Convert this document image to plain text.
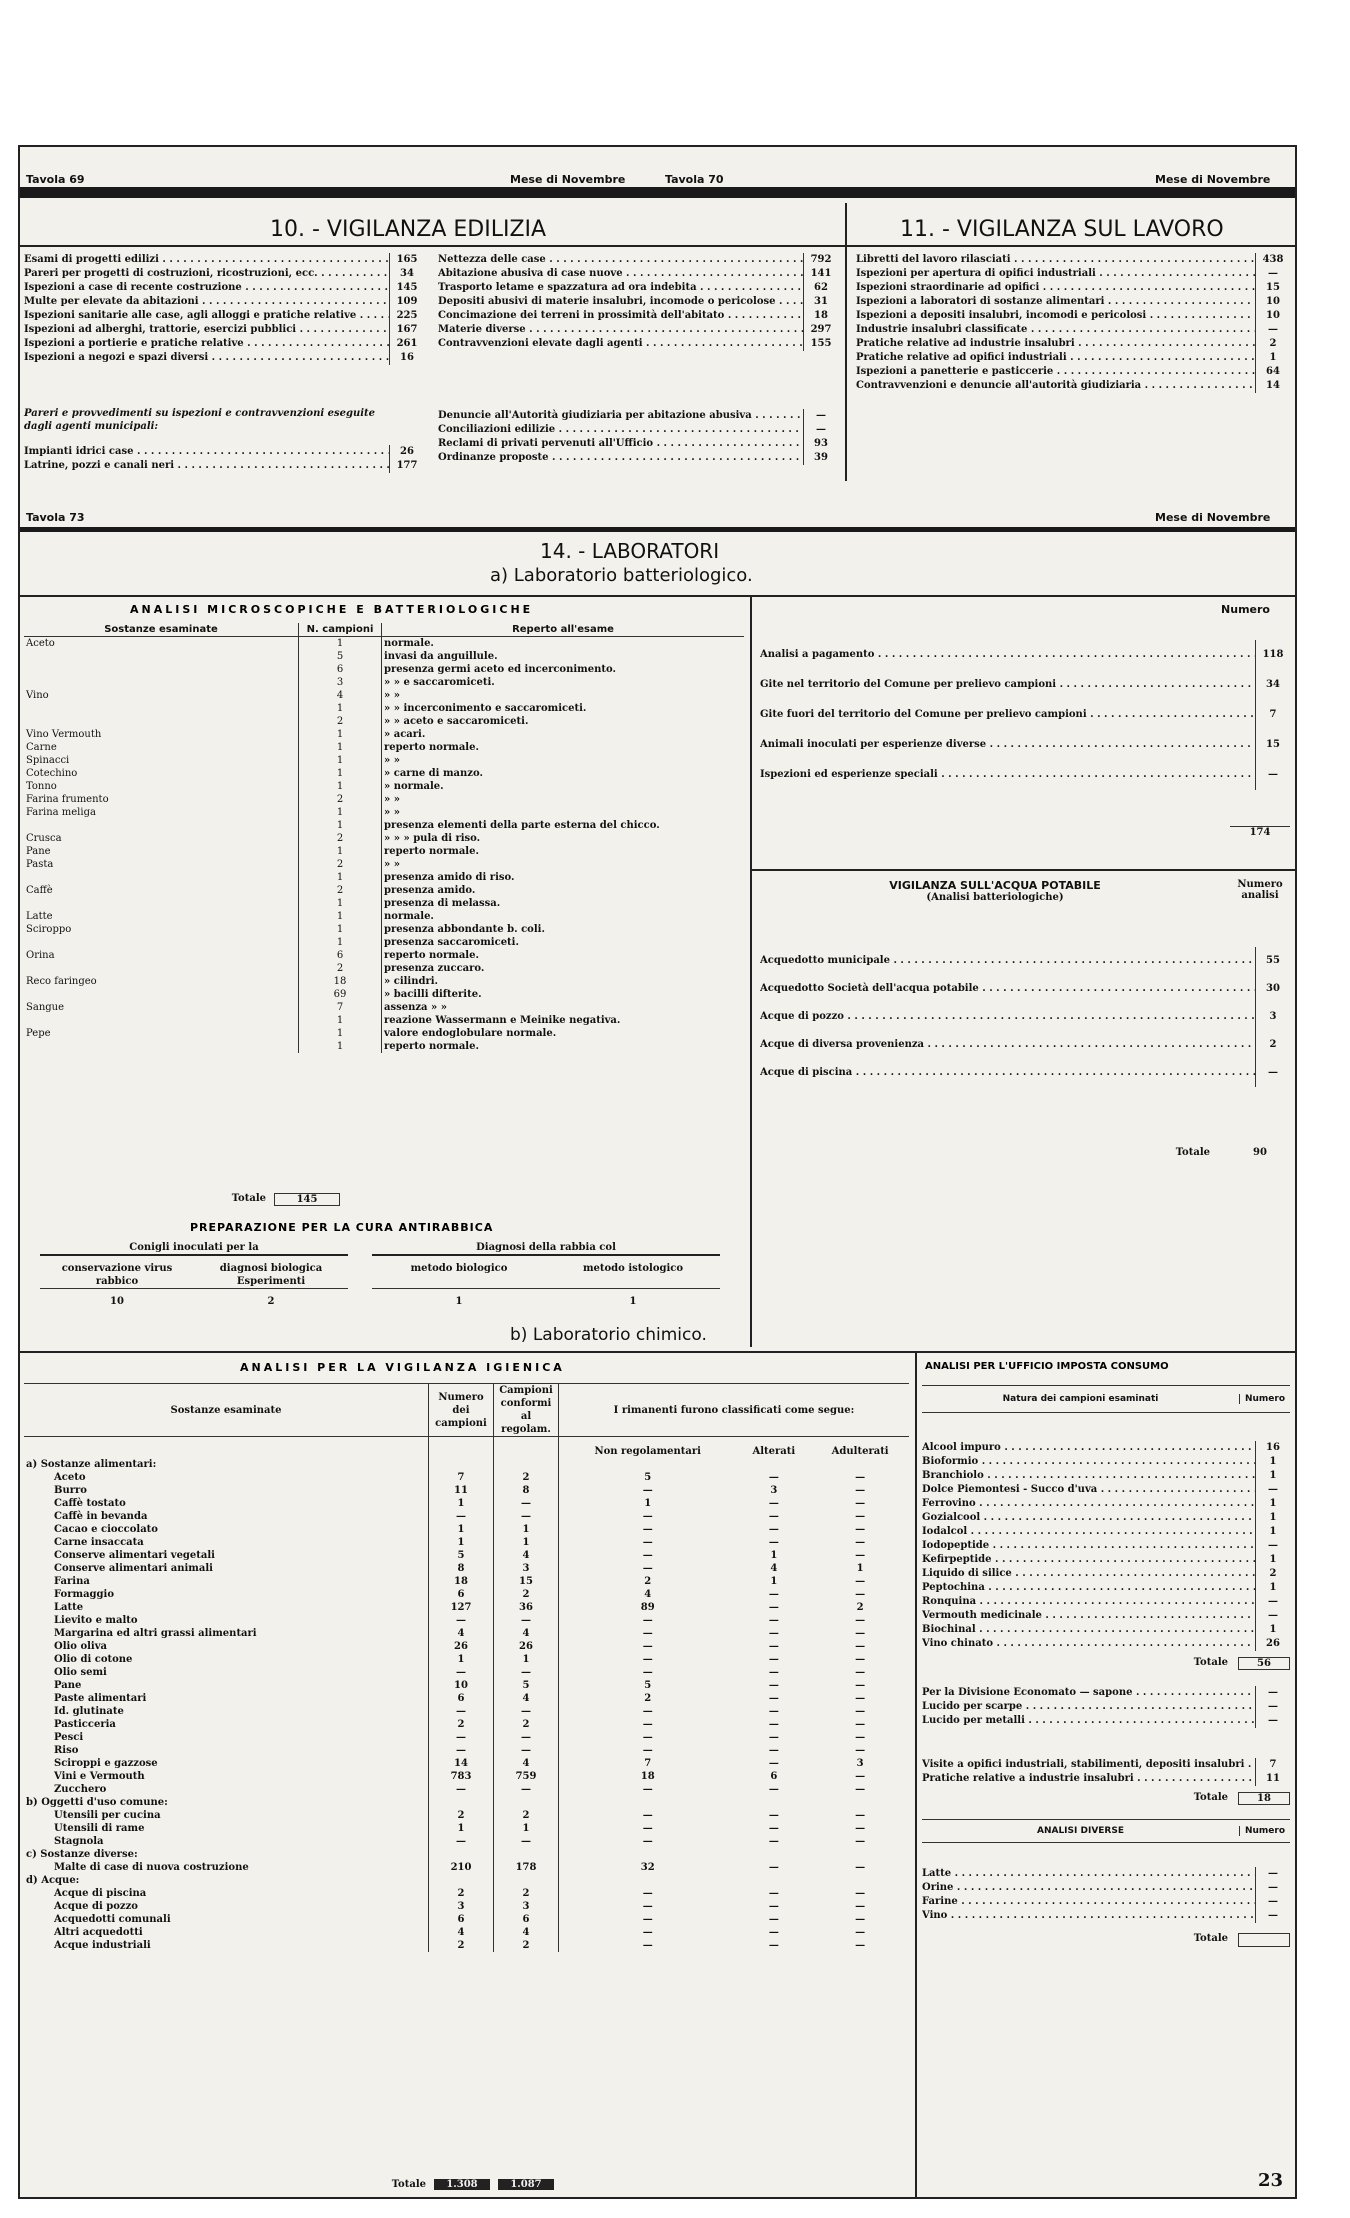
Tavola 69	Mese di Novembre	Tavola 70	Mese di Novembre
10. - VIGILANZA EDILIZIA	11. - VIGILANZA SUL LAVORO
Esami di progetti edilizi . . .	165
Pareri per progetti di costruzioni, ricostruzioni, ecc. . . .	34
Ispezioni a case di recente costruzione . . .	145
Multe per elevate da abitazioni . . .	109
Ispezioni sanitarie alle case, agli alloggi e pratiche relative . . .	225
Ispezioni ad alberghi, trattorie, esercizi pubblici . . .	167
Ispezioni a portierie e pratiche relative . . .	261
Ispezioni a negozi e spazi diversi . . .	16
Pareri e provvedimenti su ispezioni e contravvenzioni eseguite dagli agenti municipali:
Impianti idrici case . . .	26
Latrine, pozzi e canali neri . . .	177
Nettezza delle case . . .	792
Abitazione abusiva di case nuove . . .	141
Trasporto letame e spazzatura ad ora indebita . . .	62
Depositi abusivi di materie insalubri, incomode o pericolose . . .	31
Concimazione dei terreni in prossimità dell'abitato . . .	18
Materie diverse . . .	297
Contravvenzioni elevate dagli agenti . . .	155
Denuncie all'Autorità giudiziaria per abitazione abusiva . . .	—
Conciliazioni edilizie . . .	—
Reclami di privati pervenuti all'Ufficio . . .	93
Ordinanze proposte . . .	39
Libretti del lavoro rilasciati . . .	438
Ispezioni per apertura di opifici industriali . . .	—
Ispezioni straordinarie ad opifici . . .	15
Ispezioni a laboratori di sostanze alimentari . . .	10
Ispezioni a depositi insalubri, incomodi e pericolosi . . .	10
Industrie insalubri classificate . . .	—
Pratiche relative ad industrie insalubri . . .	2
Pratiche relative ad opifici industriali . . .	1
Ispezioni a panetterie e pasticcerie . . .	64
Contravvenzioni e denuncie all'autorità giudiziaria . . .	14
Tavola 73	Mese di Novembre
14. - LABORATORI
a) Laboratorio batteriologico.
ANALISI MICROSCOPICHE E BATTERIOLOGICHE
Sostanze esaminate	N. campioni	Reperto all'esame
Aceto	1	normale.
	5	invasi da anguillule.
	6	presenza germi aceto ed incerconimento.
	3	» » e saccaromiceti.
Vino	4	» »
	1	» » incerconimento e saccaromiceti.
	2	» » aceto e saccaromiceti.
Vino Vermouth	1	» acari.
Carne	1	reperto normale.
Spinacci	1	» »
Cotechino	1	» carne di manzo.
Tonno	1	» normale.
Farina frumento	2	» »
Farina meliga	1	» »
	1	presenza elementi della parte esterna del chicco.
Crusca	2	» » » pula di riso.
Pane	1	reperto normale.
Pasta	2	» »
	1	presenza amido di riso.
Caffè	2	presenza amido.
	1	presenza di melassa.
Latte	1	normale.
Sciroppo	1	presenza abbondante b. coli.
	1	presenza saccaromiceti.
Orina	6	reperto normale.
	2	presenza zuccaro.
Reco faringeo	18	» cilindri.
	69	» bacilli difterite.
Sangue	7	assenza » »
	1	reazione Wassermann e Meinike negativa.
Pepe	1	valore endoglobulare normale.
	1	reperto normale.
Numero
Analisi a pagamento . . .	118
Gite nel territorio del Comune per prelievo campioni . . .	34
Gite fuori del territorio del Comune per prelievo campioni . . .	7
Animali inoculati per esperienze diverse . . .	15
Ispezioni ed esperienze speciali . . .	—
174
VIGILANZA SULL'ACQUA POTABILE
(Analisi batteriologiche)
Numero analisi
Acquedotto municipale . . .	55
Acquedotto Società dell'acqua potabile . . .	30
Acque di pozzo . . .	3
Acque di diversa provenienza . . .	2
Acque di piscina . . .	—
Totale	90
Totale	145
PREPARAZIONE PER LA CURA ANTIRABBICA
Conigli inoculati per la			Diagnosi della rabbia col	
conservazione virus rabbico	diagnosi biologica Esperimenti		metodo biologico	metodo istologico
10	2		1	1
b) Laboratorio chimico.
ANALISI PER LA VIGILANZA IGIENICA	ANALISI PER L'UFFICIO IMPOSTA CONSUMO
Sostanze esaminate	Numero dei campioni	Campioni conformi al regolam.	I rimanenti furono classificati come segue:		
			Non regolamentari	Alterati	Adulterati
a) Sostanze alimentari:					
Aceto	7	2	5	—	—
Burro	11	8	—	3	—
Caffè tostato	1	—	1	—	—
Caffè in bevanda	—	—	—	—	—
Cacao e cioccolato	1	1	—	—	—
Carne insaccata	1	1	—	—	—
Conserve alimentari vegetali	5	4	—	1	—
Conserve alimentari animali	8	3	—	4	1
Farina	18	15	2	1	—
Formaggio	6	2	4	—	—
Latte	127	36	89	—	2
Lievito e malto	—	—	—	—	—
Margarina ed altri grassi alimentari	4	4	—	—	—
Olio oliva	26	26	—	—	—
Olio di cotone	1	1	—	—	—
Olio semi	—	—	—	—	—
Pane	10	5	5	—	—
Paste alimentari	6	4	2	—	—
Id. glutinate	—	—	—	—	—
Pasticceria	2	2	—	—	—
Pesci	—	—	—	—	—
Riso	—	—	—	—	—
Sciroppi e gazzose	14	4	7	—	3
Vini e Vermouth	783	759	18	6	—
Zucchero	—	—	—	—	—
b) Oggetti d'uso comune:					
Utensili per cucina	2	2	—	—	—
Utensili di rame	1	1	—	—	—
Stagnola	—	—	—	—	—
c) Sostanze diverse:					
Malte di case di nuova costruzione	210	178	32	—	—
d) Acque:					
Acque di piscina	2	2	—	—	—
Acque di pozzo	3	3	—	—	—
Acquedotti comunali	6	6	—	—	—
Altri acquedotti	4	4	—	—	—
Acque industriali	2	2	—	—	—
Totale	1.308	1.087
Natura dei campioni esaminati	Numero
Alcool impuro . . .	16
Bioformio . . .	1
Branchiolo . . .	1
Dolce Piemontesi - Succo d'uva . . .	—
Ferrovino . . .	1
Gozialcool . . .	1
Iodalcol . . .	1
Iodopeptide . . .	—
Kefirpeptide . . .	1
Liquido di silice . . .	2
Peptochina . . .	1
Ronquina . . .	—
Vermouth medicinale . . .	—
Biochinal . . .	1
Vino chinato . . .	26
Totale	56
Per la Divisione Economato — sapone . . .	—
Lucido per scarpe . . .	—
Lucido per metalli . . .	—
Visite a opifici industriali, stabilimenti, depositi insalubri . . .	7
Pratiche relative a industrie insalubri . . .	11
Totale	18
ANALISI DIVERSE	Numero
Latte . . .	—
Orine . . .	—
Farine . . .	—
Vino . . .	—
Totale
23
